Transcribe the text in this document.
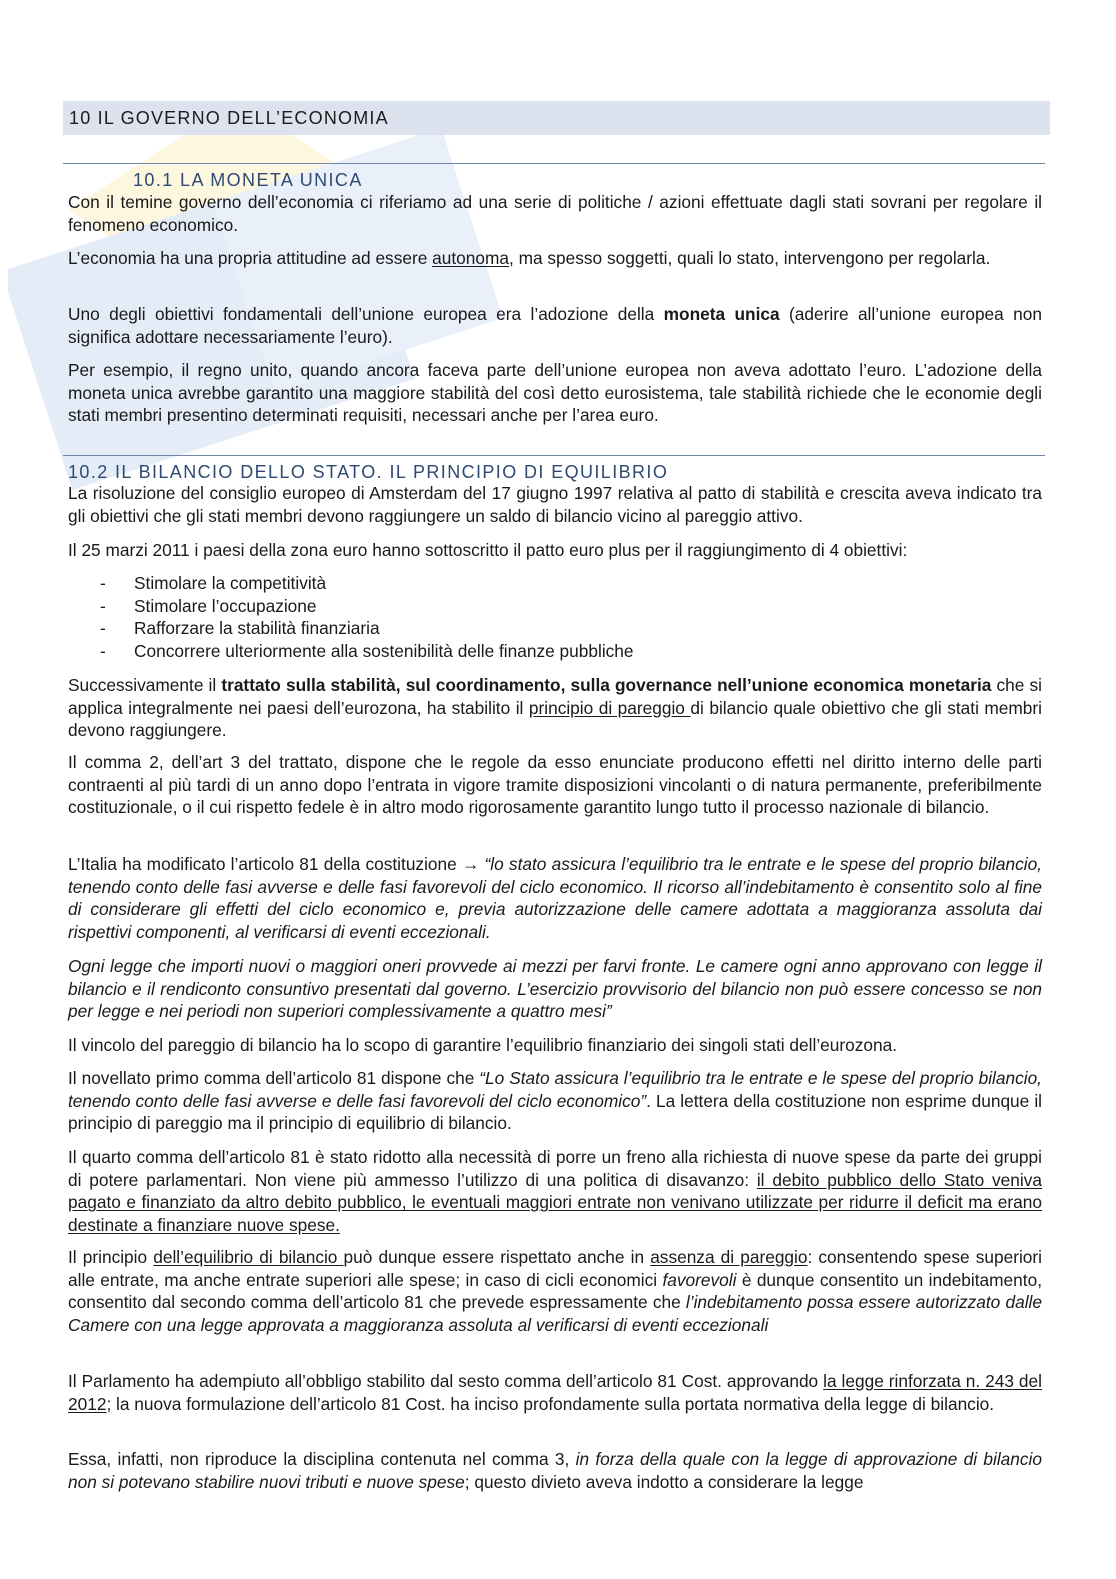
10 IL GOVERNO DELL’ECONOMIA
10.1 LA MONETA UNICA

Con il temine governo dell’economia ci riferiamo ad una serie di politiche / azioni effettuate dagli stati sovrani per regolare il fenomeno economico.

L’economia ha una propria attitudine ad essere autonoma, ma spesso soggetti, quali lo stato, intervengono per regolarla.

Uno degli obiettivi fondamentali dell’unione europea era l’adozione della moneta unica (aderire all’unione europea non significa adottare necessariamente l’euro).

Per esempio, il regno unito, quando ancora faceva parte dell’unione europea non aveva adottato l’euro. L’adozione della moneta unica avrebbe garantito una maggiore stabilità del così detto eurosistema, tale stabilità richiede che le economie degli stati membri presentino determinati requisiti, necessari anche per l’area euro.

10.2 IL BILANCIO DELLO STATO. IL PRINCIPIO DI EQUILIBRIO

La risoluzione del consiglio europeo di Amsterdam del 17 giugno 1997 relativa al patto di stabilità e crescita aveva indicato tra gli obiettivi che gli stati membri devono raggiungere un saldo di bilancio vicino al pareggio attivo.

Il 25 marzi 2011 i paesi della zona euro hanno sottoscritto il patto euro plus per il raggiungimento di 4 obiettivi:

- Stimolare la competitività
- Stimolare l’occupazione
- Rafforzare la stabilità finanziaria
- Concorrere ulteriormente alla sostenibilità delle finanze pubbliche

Successivamente il trattato sulla stabilità, sul coordinamento, sulla governance nell’unione economica monetaria che si applica integralmente nei paesi dell’eurozona, ha stabilito il principio di pareggio di bilancio quale obiettivo che gli stati membri devono raggiungere.

Il comma 2, dell’art 3 del trattato, dispone che le regole da esso enunciate producono effetti nel diritto interno delle parti contraenti al più tardi di un anno dopo l’entrata in vigore tramite disposizioni vincolanti o di natura permanente, preferibilmente costituzionale, o il cui rispetto fedele è in altro modo rigorosamente garantito lungo tutto il processo nazionale di bilancio.

L’Italia ha modificato l’articolo 81 della costituzione → “lo stato assicura l’equilibrio tra le entrate e le spese del proprio bilancio, tenendo conto delle fasi avverse e delle fasi favorevoli del ciclo economico. Il ricorso all’indebitamento è consentito solo al fine di considerare gli effetti del ciclo economico e, previa autorizzazione delle camere adottata a maggioranza assoluta dai rispettivi componenti, al verificarsi di eventi eccezionali.

Ogni legge che importi nuovi o maggiori oneri provvede ai mezzi per farvi fronte. Le camere ogni anno approvano con legge il bilancio e il rendiconto consuntivo presentati dal governo. L’esercizio provvisorio del bilancio non può essere concesso se non per legge e nei periodi non superiori complessivamente a quattro mesi”

Il vincolo del pareggio di bilancio ha lo scopo di garantire l’equilibrio finanziario dei singoli stati dell’eurozona.

Il novellato primo comma dell’articolo 81 dispone che “Lo Stato assicura l’equilibrio tra le entrate e le spese del proprio bilancio, tenendo conto delle fasi avverse e delle fasi favorevoli del ciclo economico”. La lettera della costituzione non esprime dunque il principio di pareggio ma il principio di equilibrio di bilancio.

Il quarto comma dell’articolo 81 è stato ridotto alla necessità di porre un freno alla richiesta di nuove spese da parte dei gruppi di potere parlamentari. Non viene più ammesso l’utilizzo di una politica di disavanzo: il debito pubblico dello Stato veniva pagato e finanziato da altro debito pubblico, le eventuali maggiori entrate non venivano utilizzate per ridurre il deficit ma erano destinate a finanziare nuove spese.

Il principio dell’equilibrio di bilancio può dunque essere rispettato anche in assenza di pareggio: consentendo spese superiori alle entrate, ma anche entrate superiori alle spese; in caso di cicli economici favorevoli è dunque consentito un indebitamento, consentito dal secondo comma dell’articolo 81 che prevede espressamente che l’indebitamento possa essere autorizzato dalle Camere con una legge approvata a maggioranza assoluta al verificarsi di eventi eccezionali

Il Parlamento ha adempiuto all’obbligo stabilito dal sesto comma dell’articolo 81 Cost. approvando la legge rinforzata n. 243 del 2012; la nuova formulazione dell’articolo 81 Cost. ha inciso profondamente sulla portata normativa della legge di bilancio.

Essa, infatti, non riproduce la disciplina contenuta nel comma 3, in forza della quale con la legge di approvazione di bilancio non si potevano stabilire nuovi tributi e nuove spese; questo divieto aveva indotto a considerare la legge
